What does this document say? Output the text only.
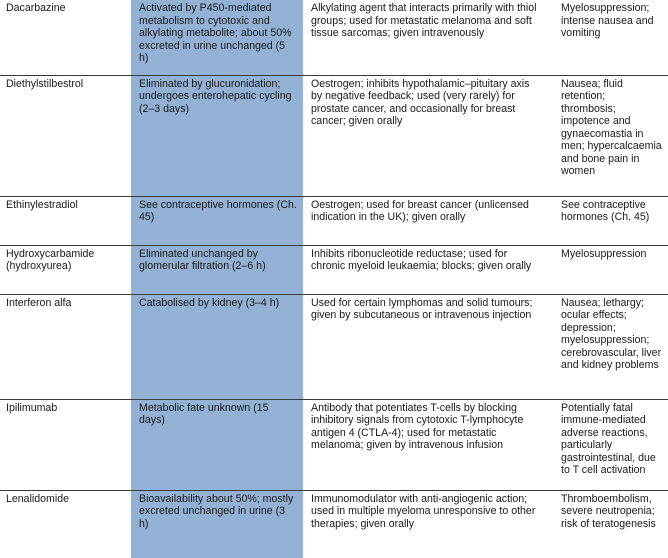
Dacarbazine	Activated by P450-mediated metabolism to cytotoxic and alkylating metabolite; about 50% excreted in urine unchanged (5 h)	Alkylating agent that interacts primarily with thiol groups; used for metastatic melanoma and soft tissue sarcomas; given intravenously	Myelosuppression; intense nausea and vomiting
Diethylstilbestrol	Eliminated by glucuronidation; undergoes enterohepatic cycling (2–3 days)	Oestrogen; inhibits hypothalamic–pituitary axis by negative feedback; used (very rarely) for prostate cancer, and occasionally for breast cancer; given orally	Nausea; fluid retention; thrombosis; impotence and gynaecomastia in men; hypercalcaemia and bone pain in women
Ethinylestradiol	See contraceptive hormones (Ch. 45)	Oestrogen; used for breast cancer (unlicensed indication in the UK); given orally	See contraceptive hormones (Ch. 45)
Hydroxycarbamide (hydroxyurea)	Eliminated unchanged by glomerular filtration (2–6 h)	Inhibits ribonucleotide reductase; used for chronic myeloid leukaemia; blocks; given orally	Myelosuppression
Interferon alfa	Catabolised by kidney (3–4 h)	Used for certain lymphomas and solid tumours; given by subcutaneous or intravenous injection	Nausea; lethargy; ocular effects; depression; myelosuppression; cerebrovascular, liver and kidney problems
Ipilimumab	Metabolic fate unknown (15 days)	Antibody that potentiates T-cells by blocking inhibitory signals from cytotoxic T-lymphocyte antigen 4 (CTLA-4); used for metastatic melanoma; given by intravenous infusion	Potentially fatal immune-mediated adverse reactions, particularly gastrointestinal, due to T cell activation
Lenalidomide	Bioavailability about 50%; mostly excreted unchanged in urine (3 h)	Immunomodulator with anti-angiogenic action; used in multiple myeloma unresponsive to other therapies; given orally	Thromboembolism, severe neutropenia; risk of teratogenesis
